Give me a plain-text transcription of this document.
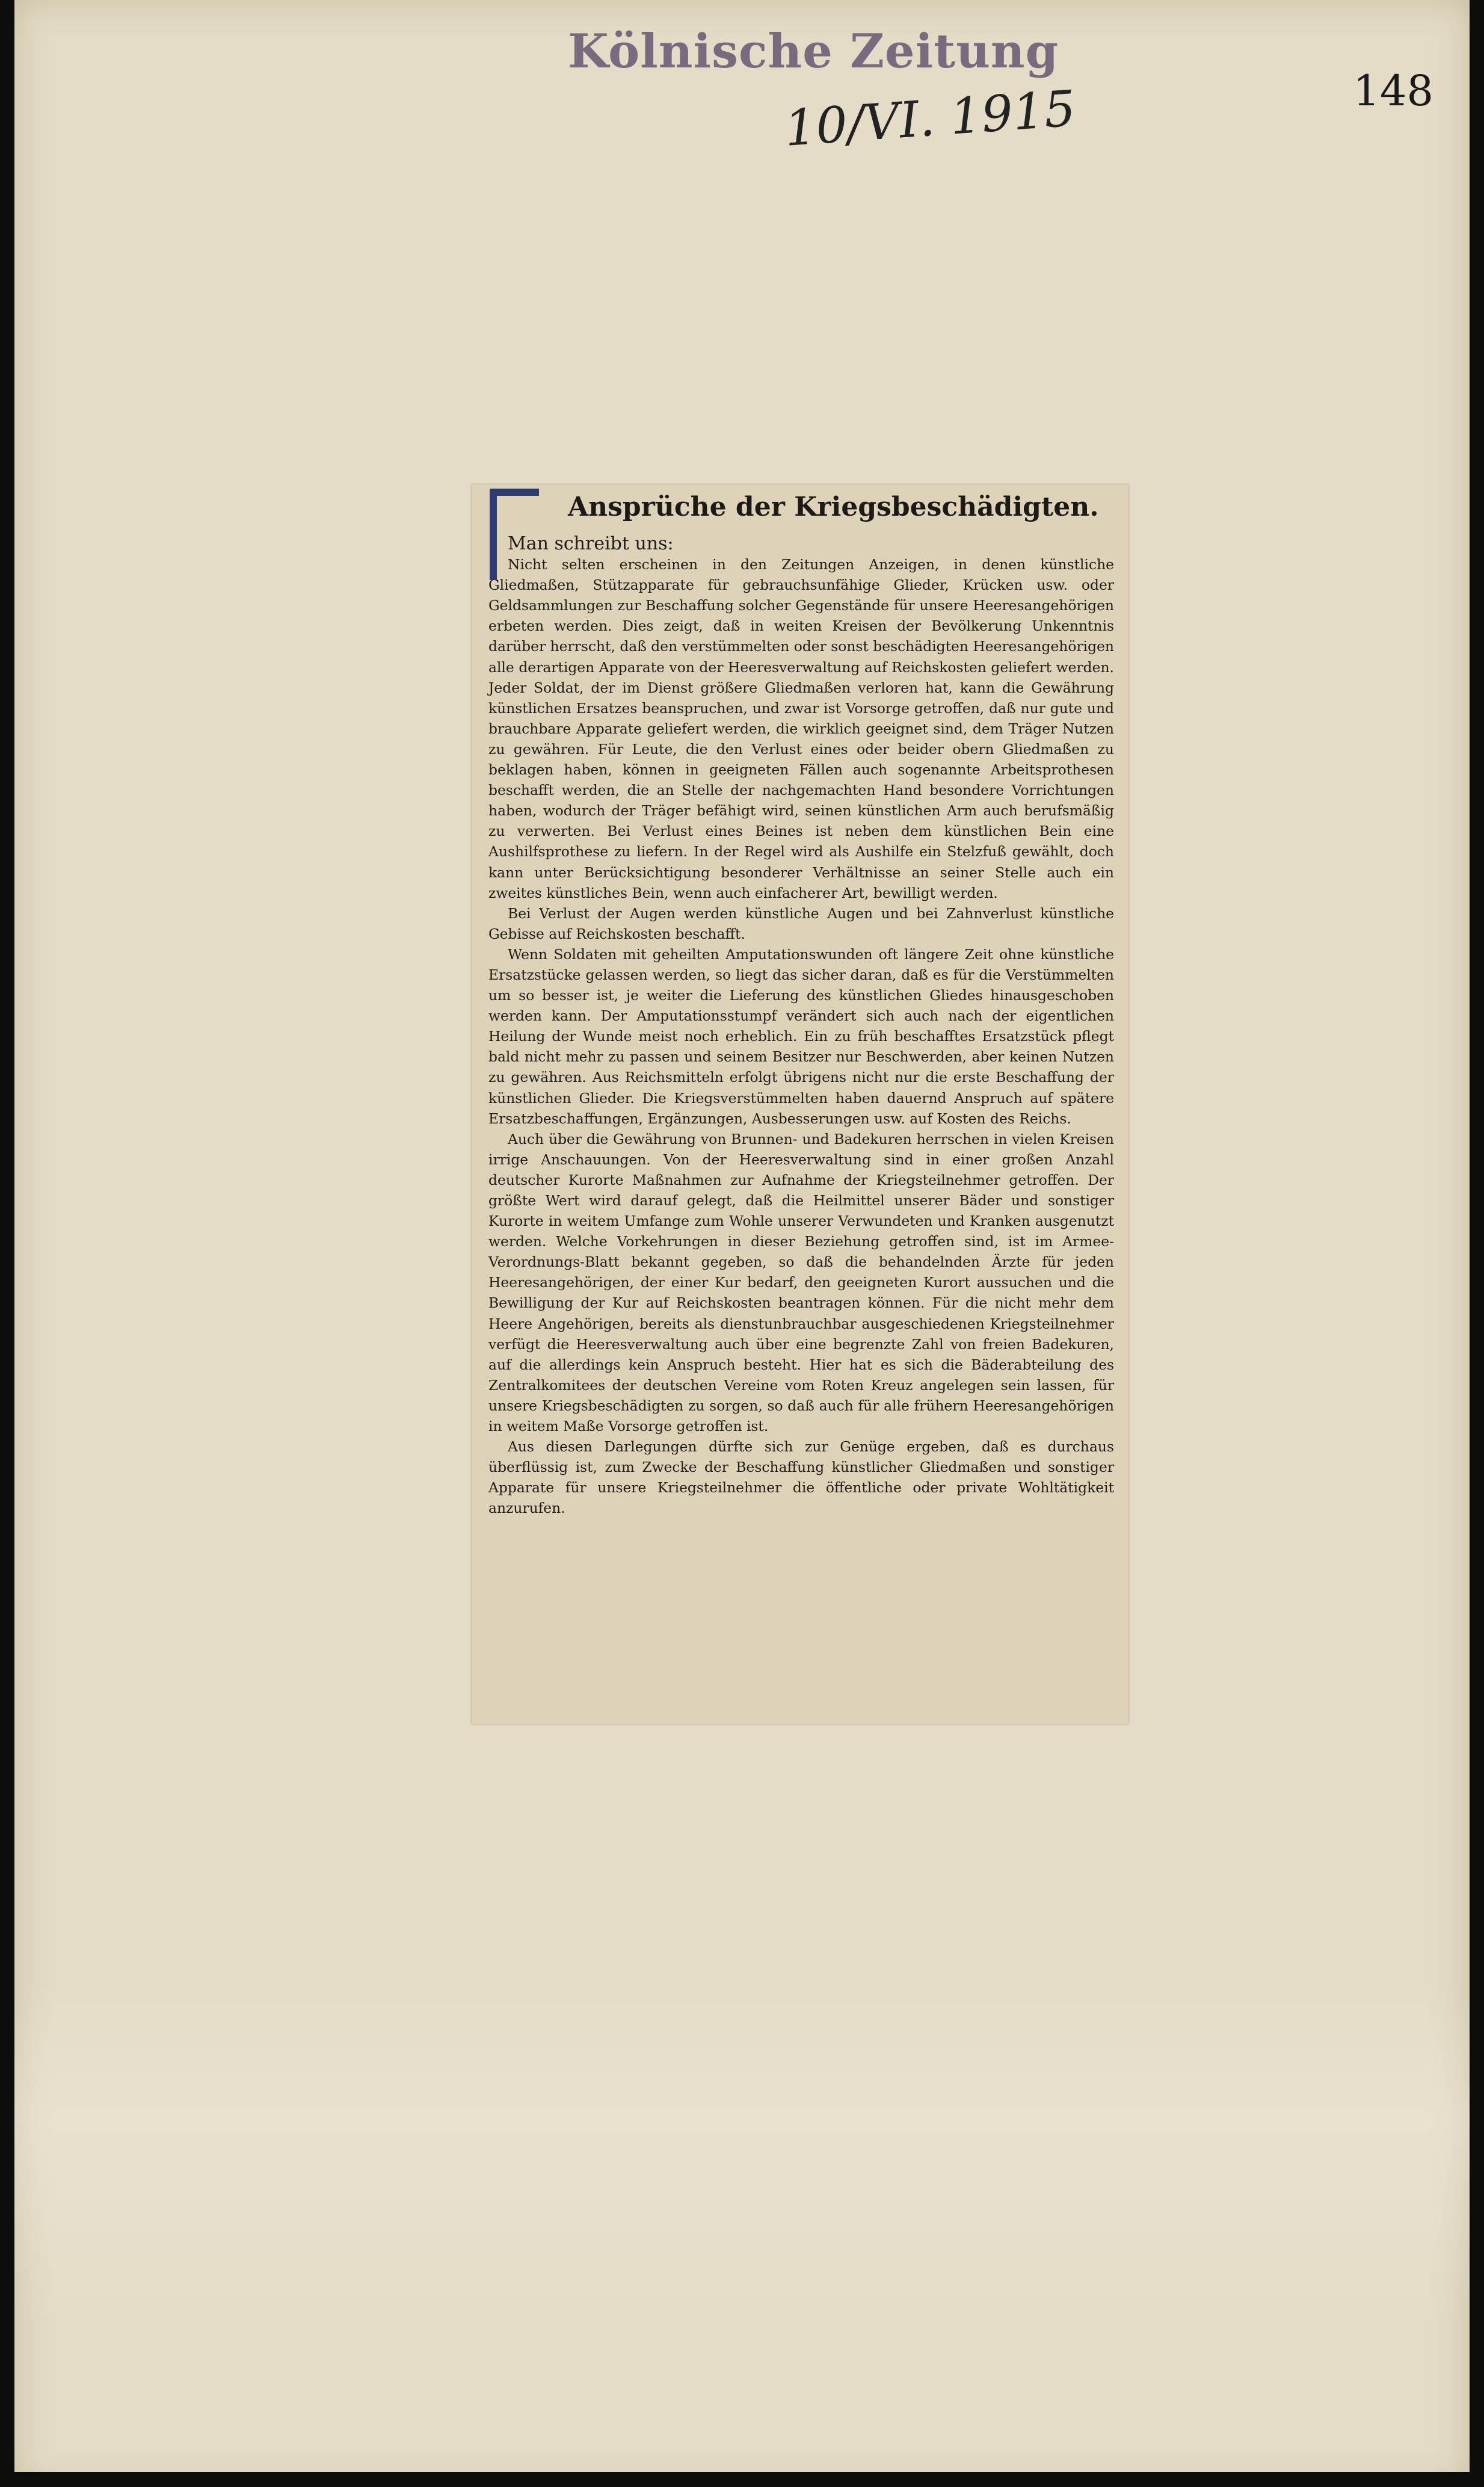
Kölnische Zeitung
148
10/VI. 1915
Ansprüche der Kriegsbeschädigten.

Man schreibt uns:

Nicht selten erscheinen in den Zeitungen Anzeigen, in denen künstliche Gliedmaßen, Stützapparate für gebrauchsunfähige Glieder, Krücken usw. oder Geldsammlungen zur Beschaffung solcher Gegenstände für unsere Heeresangehörigen erbeten werden. Dies zeigt, daß in weiten Kreisen der Bevölkerung Unkenntnis darüber herrscht, daß den verstümmelten oder sonst beschädigten Heeresangehörigen alle derartigen Apparate von der Heeresverwaltung auf Reichskosten geliefert werden. Jeder Soldat, der im Dienst größere Gliedmaßen verloren hat, kann die Gewährung künstlichen Ersatzes beanspruchen, und zwar ist Vorsorge getroffen, daß nur gute und brauchbare Apparate geliefert werden, die wirklich geeignet sind, dem Träger Nutzen zu gewähren. Für Leute, die den Verlust eines oder beider obern Gliedmaßen zu beklagen haben, können in geeigneten Fällen auch sogenannte Arbeitsprothesen beschafft werden, die an Stelle der nachgemachten Hand besondere Vorrichtungen haben, wodurch der Träger befähigt wird, seinen künstlichen Arm auch berufsmäßig zu verwerten. Bei Verlust eines Beines ist neben dem künstlichen Bein eine Aushilfsprothese zu liefern. In der Regel wird als Aushilfe ein Stelzfuß gewählt, doch kann unter Berücksichtigung besonderer Verhältnisse an seiner Stelle auch ein zweites künstliches Bein, wenn auch einfacherer Art, bewilligt werden.

Bei Verlust der Augen werden künstliche Augen und bei Zahnverlust künstliche Gebisse auf Reichskosten beschafft.

Wenn Soldaten mit geheilten Amputationswunden oft längere Zeit ohne künstliche Ersatzstücke gelassen werden, so liegt das sicher daran, daß es für die Verstümmelten um so besser ist, je weiter die Lieferung des künstlichen Gliedes hinausgeschoben werden kann. Der Amputationsstumpf verändert sich auch nach der eigentlichen Heilung der Wunde meist noch erheblich. Ein zu früh beschafftes Ersatzstück pflegt bald nicht mehr zu passen und seinem Besitzer nur Beschwerden, aber keinen Nutzen zu gewähren. Aus Reichsmitteln erfolgt übrigens nicht nur die erste Beschaffung der künstlichen Glieder. Die Kriegsverstümmelten haben dauernd Anspruch auf spätere Ersatzbeschaffungen, Ergänzungen, Ausbesserungen usw. auf Kosten des Reichs.

Auch über die Gewährung von Brunnen- und Badekuren herrschen in vielen Kreisen irrige Anschauungen. Von der Heeresverwaltung sind in einer großen Anzahl deutscher Kurorte Maßnahmen zur Aufnahme der Kriegsteilnehmer getroffen. Der größte Wert wird darauf gelegt, daß die Heilmittel unserer Bäder und sonstiger Kurorte in weitem Umfange zum Wohle unserer Verwundeten und Kranken ausgenutzt werden. Welche Vorkehrungen in dieser Beziehung getroffen sind, ist im Armee-Verordnungs-Blatt bekannt gegeben, so daß die behandelnden Ärzte für jeden Heeresangehörigen, der einer Kur bedarf, den geeigneten Kurort aussuchen und die Bewilligung der Kur auf Reichskosten beantragen können. Für die nicht mehr dem Heere Angehörigen, bereits als dienstunbrauchbar ausgeschiedenen Kriegsteilnehmer verfügt die Heeresverwaltung auch über eine begrenzte Zahl von freien Badekuren, auf die allerdings kein Anspruch besteht. Hier hat es sich die Bäderabteilung des Zentralkomitees der deutschen Vereine vom Roten Kreuz angelegen sein lassen, für unsere Kriegsbeschädigten zu sorgen, so daß auch für alle frühern Heeresangehörigen in weitem Maße Vorsorge getroffen ist.

Aus diesen Darlegungen dürfte sich zur Genüge ergeben, daß es durchaus überflüssig ist, zum Zwecke der Beschaffung künstlicher Gliedmaßen und sonstiger Apparate für unsere Kriegsteilnehmer die öffentliche oder private Wohltätigkeit anzurufen.
